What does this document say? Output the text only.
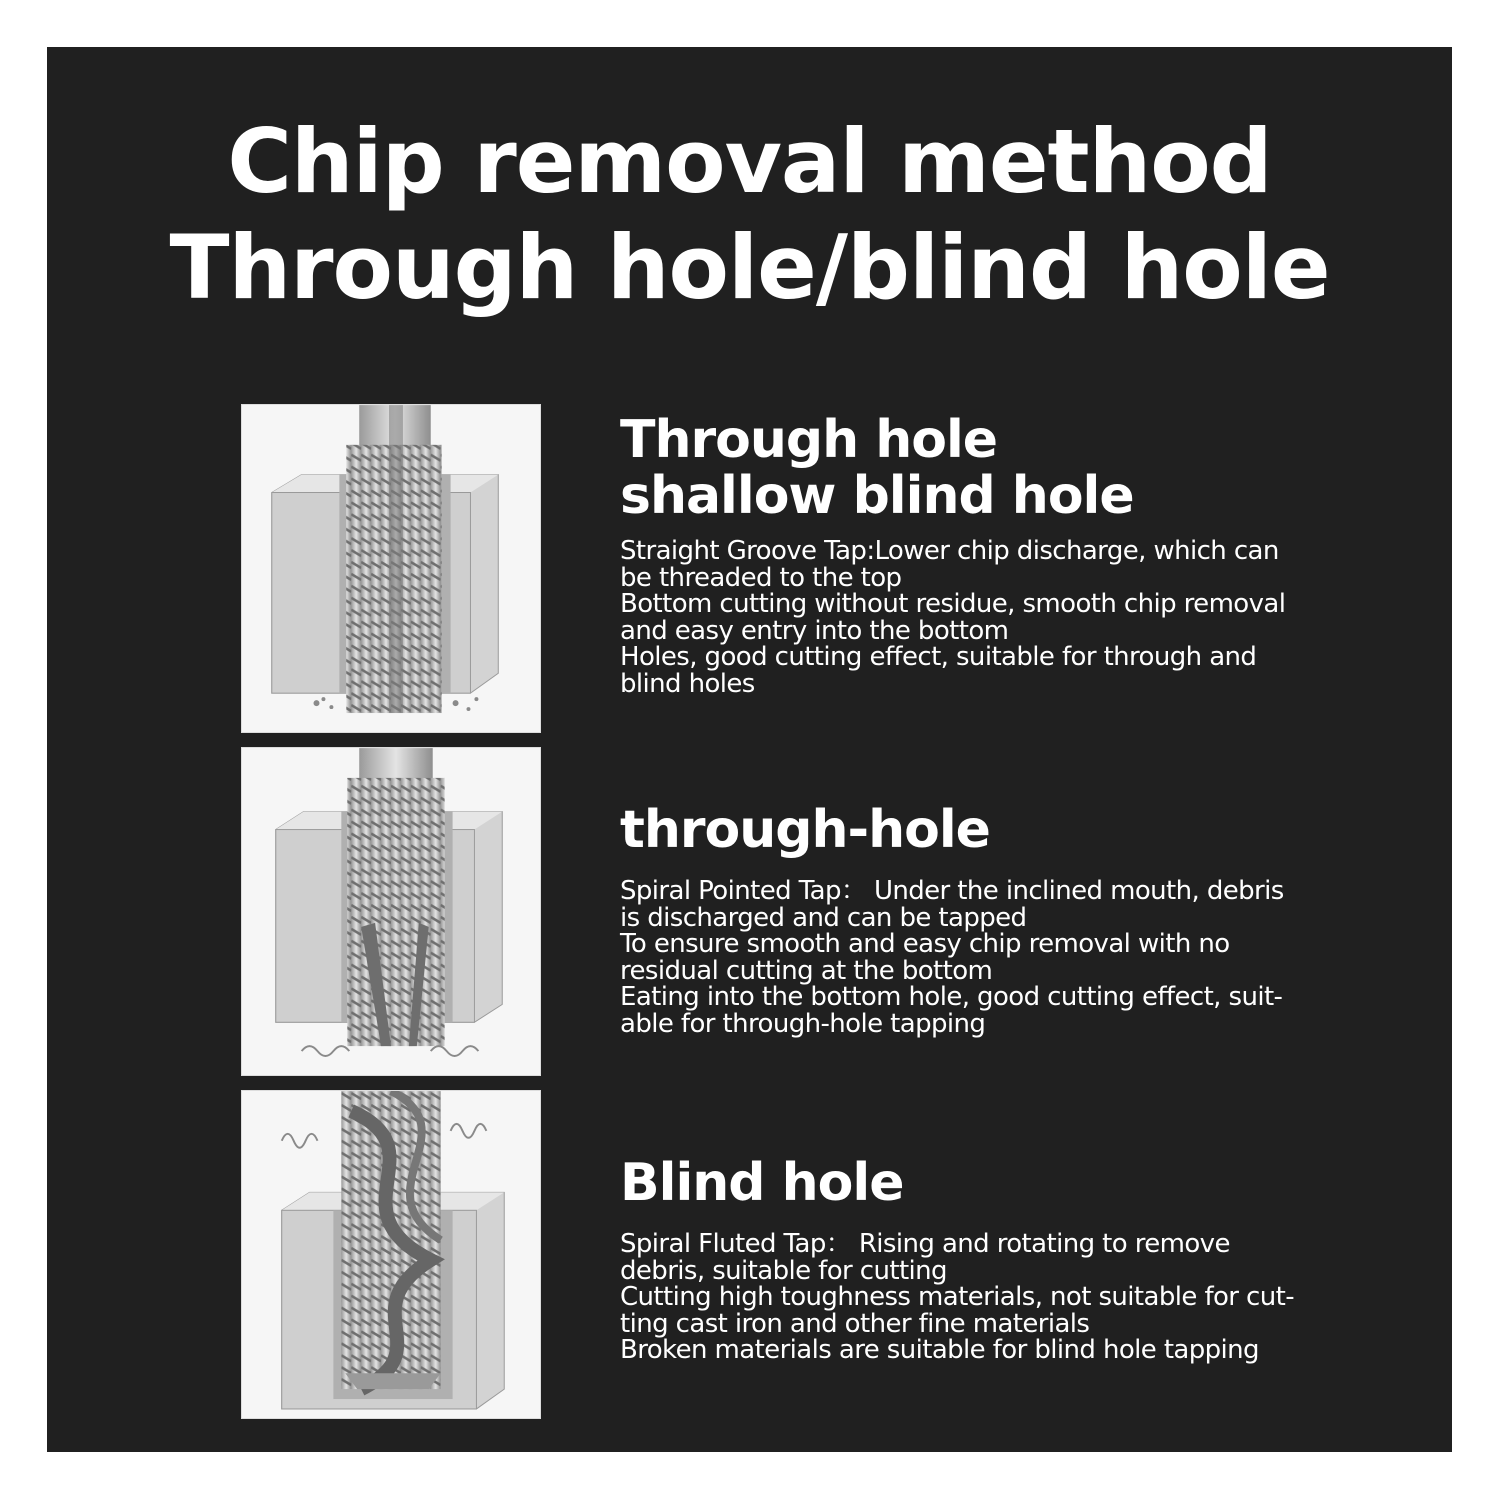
Chip removal method
Through hole/blind hole
Through hole
shallow blind hole

Straight Groove Tap:Lower chip discharge, which can
be threaded to the top
Bottom cutting without residue, smooth chip removal
and easy entry into the bottom
Holes, good cutting effect, suitable for through and
blind holes

through-hole

Spiral Pointed Tap： Under the inclined mouth, debris
is discharged and can be tapped
To ensure smooth and easy chip removal with no
residual cutting at the bottom
Eating into the bottom hole, good cutting effect, suit-
able for through-hole tapping

Blind hole

Spiral Fluted Tap： Rising and rotating to remove
debris, suitable for cutting
Cutting high toughness materials, not suitable for cut-
ting cast iron and other fine materials
Broken materials are suitable for blind hole tapping
